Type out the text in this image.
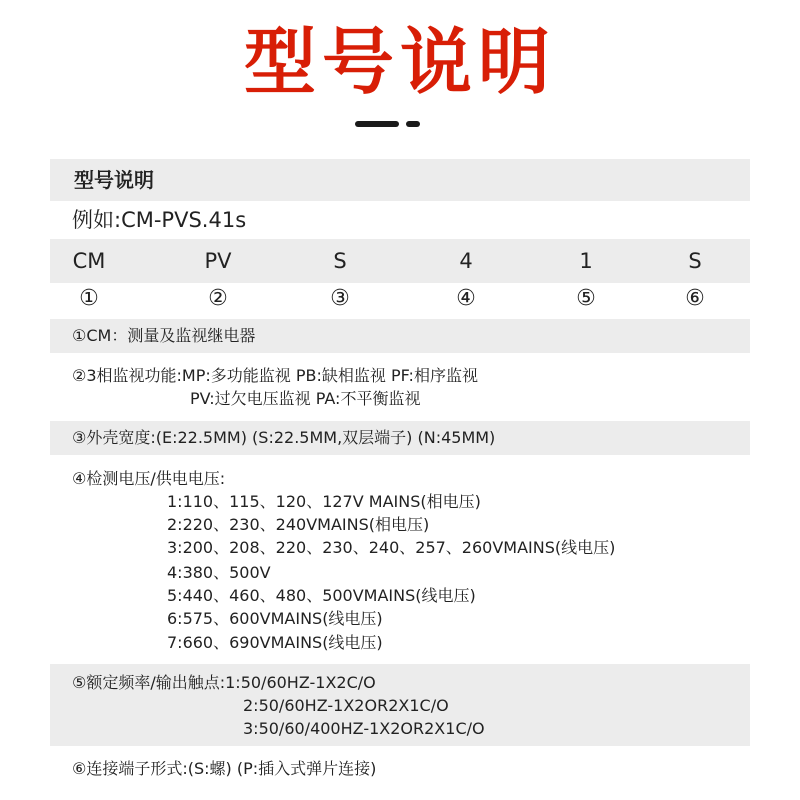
型号说明
型号说明
例如:CM-PVS.41s
CM	PV	S	4	1	S
①	②	③	④	⑤	⑥
①CM：测量及监视继电器
②3相监视功能:MP:多功能监视 PB:缺相监视 PF:相序监视
PV:过欠电压监视 PA:不平衡监视
③外壳宽度:(E:22.5MM) (S:22.5MM,双层端子) (N:45MM)
④检测电压/供电电压:
1:110、115、120、127V MAINS(相电压)
2:220、230、240VMAINS(相电压)
3:200、208、220、230、240、257、260VMAINS(线电压)
4:380、500V
5:440、460、480、500VMAINS(线电压)
6:575、600VMAINS(线电压)
7:660、690VMAINS(线电压)
⑤额定频率/输出触点:1:50/60HZ-1X2C/O
2:50/60HZ-1X2OR2X1C/O
3:50/60/400HZ-1X2OR2X1C/O
⑥连接端子形式:(S:螺) (P:插入式弹片连接)
